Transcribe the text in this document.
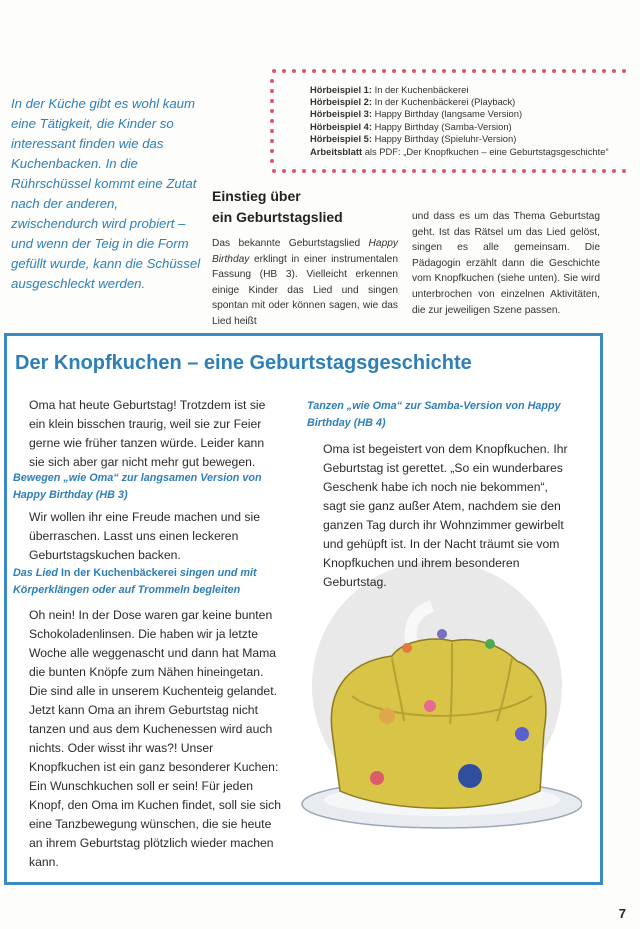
In der Küche gibt es wohl kaum eine Tätigkeit, die Kinder so interessant finden wie das Kuchenbacken. In die Rührschüssel kommt eine Zutat nach der anderen, zwischendurch wird probiert – und wenn der Teig in die Form gefüllt wurde, kann die Schüssel ausgeschleckt werden.
Hörbeispiel 1: In der Kuchenbäckerei
Hörbeispiel 2: In der Kuchenbäckerei (Playback)
Hörbeispiel 3: Happy Birthday (langsame Version)
Hörbeispiel 4: Happy Birthday (Samba-Version)
Hörbeispiel 5: Happy Birthday (Spieluhr-Version)
Arbeitsblatt als PDF: „Der Knopfkuchen – eine Geburtstagsgeschichte“
Einstieg über
ein Geburtstagslied
Das bekannte Geburtstagslied Happy Birthday erklingt in einer instrumentalen Fassung (HB 3). Vielleicht erkennen einige Kinder das Lied und singen spontan mit oder können sagen, wie das Lied heißt
und dass es um das Thema Geburtstag geht. Ist das Rätsel um das Lied gelöst, singen es alle gemeinsam. Die Pädagogin erzählt dann die Geschichte vom Knopfkuchen (siehe unten). Sie wird unterbrochen von einzelnen Aktivitäten, die zur jeweiligen Szene passen.
Der Knopfkuchen – eine Geburtstagsgeschichte
Oma hat heute Geburtstag! Trotzdem ist sie ein klein bisschen traurig, weil sie zur Feier gerne wie früher tanzen würde. Leider kann sie sich aber gar nicht mehr gut bewegen.
Bewegen „wie Oma“ zur langsamen Version von Happy Birthday (HB 3)
Wir wollen ihr eine Freude machen und sie überraschen. Lasst uns einen leckeren Geburtstagskuchen backen.
Das Lied In der Kuchenbäckerei singen und mit Körperklängen oder auf Trommeln begleiten
Oh nein! In der Dose waren gar keine bunten Schokoladenlinsen. Die haben wir ja letzte Woche alle weggenascht und dann hat Mama die bunten Knöpfe zum Nähen hineingetan. Die sind alle in unserem Kuchenteig gelandet. Jetzt kann Oma an ihrem Geburtstag nicht tanzen und aus dem Kuchenessen wird auch nichts. Oder wisst ihr was?! Unser Knopfkuchen ist ein ganz besonderer Kuchen: Ein Wunschkuchen soll er sein! Für jeden Knopf, den Oma im Kuchen findet, soll sie sich eine Tanzbewegung wünschen, die sie heute an ihrem Geburtstag plötzlich wieder machen kann.
Tanzen „wie Oma“ zur Samba-Version von Happy Birthday (HB 4)
Oma ist begeistert von dem Knopfkuchen. Ihr Geburtstag ist gerettet. „So ein wunderbares Geschenk habe ich noch nie bekommen“, sagt sie ganz außer Atem, nachdem sie den ganzen Tag durch ihr Wohnzimmer gewirbelt und gehüpft ist. In der Nacht träumt sie vom Knopfkuchen und ihrem besonderen Geburtstag.
7
